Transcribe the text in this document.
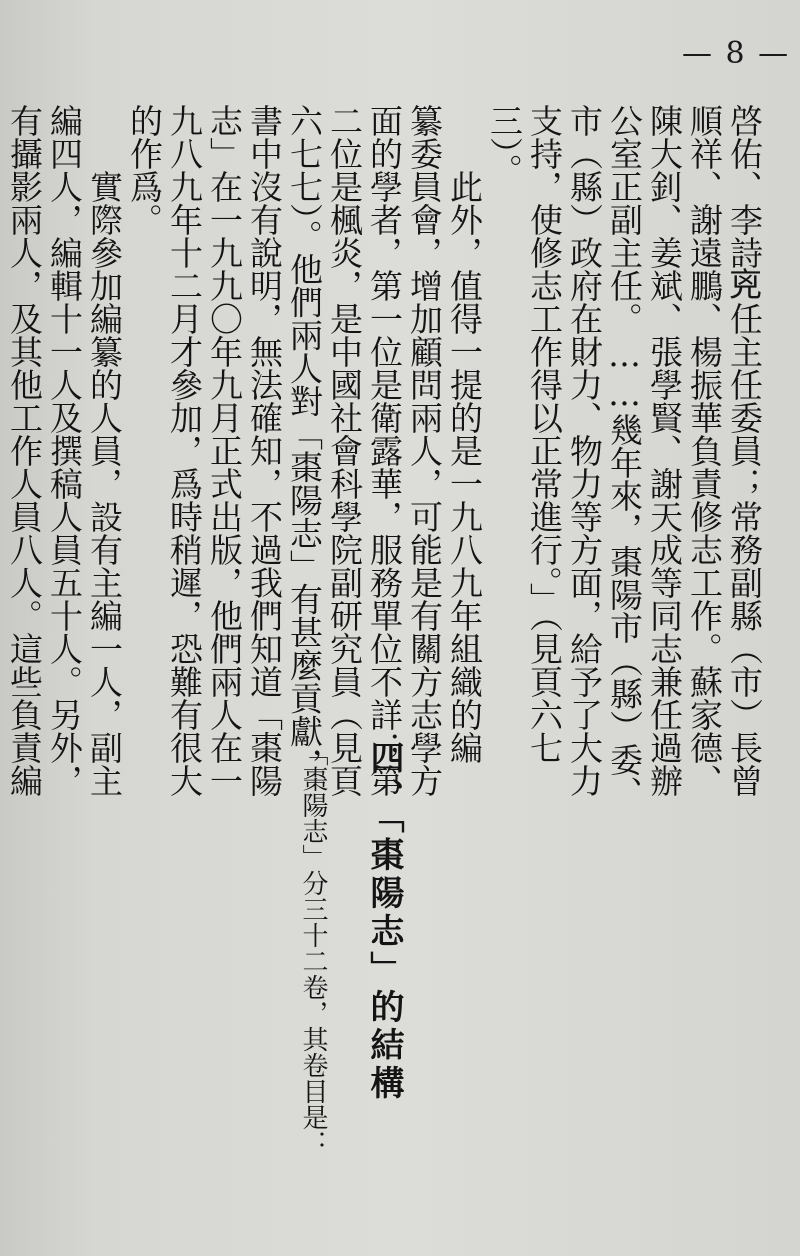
— 8 —
啓佑、李詩𠒋任主任委員；常務副縣（市）長曾
順祥、謝遠鵬、楊振華負責修志工作。蘇家德、
陳大釗、姜斌、張學賢、謝天成等同志兼任過辦
公室正副主任。……幾年來，棗陽市（縣）委、
市（縣）政府在財力、物力等方面，給予了大力
支持，使修志工作得以正常進行。」（見頁六七
三）。
　　此外，值得一提的是一九八九年組織的編
纂委員會，增加顧問兩人，可能是有關方志學方
面的學者，第一位是衛露華，服務單位不詳；第
二位是楓炎，是中國社會科學院副研究員（見頁
六七七）。他們兩人對「棗陽志」有甚麼貢獻，
書中沒有說明，無法確知，不過我們知道「棗陽
志」在一九九〇年九月正式出版，他們兩人在一
九八九年十二月才參加，爲時稍遲，恐難有很大
的作爲。
　　實際參加編纂的人員，設有主編一人，副主
編四人，編輯十一人及撰稿人員五十人。另外，
有攝影兩人，及其他工作人員八人。這些負責編
四、「棗陽志」的結構
「棗陽志」分三十二卷，其卷目是：
